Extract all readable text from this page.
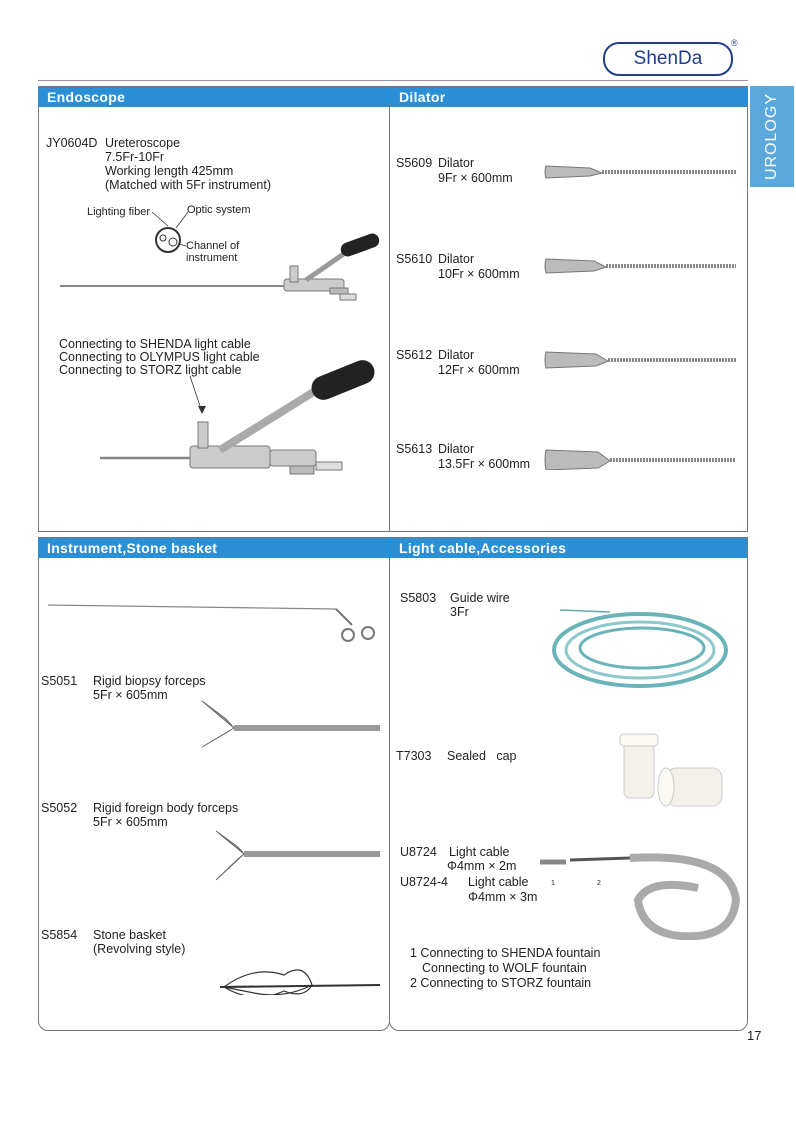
ShenDa
®
UROLOGY
Endoscope	Dilator
Instrument,Stone basket	Light cable,Accessories
JY0604D Ureteroscope
7.5Fr-10Fr
Working length 425mm
(Matched with 5Fr instrument)
Lighting fiber	Optic system
Channel of instrument
Connecting to SHENDA light cable
Connecting to OLYMPUS light cable
Connecting to STORZ light cable
S5609 Dilator
9Fr × 600mm
S5610 Dilator
10Fr × 600mm
S5612 Dilator
12Fr × 600mm
S5613 Dilator
13.5Fr × 600mm
S5051 Rigid biopsy forceps
5Fr × 605mm
S5052 Rigid foreign body forceps
5Fr × 605mm
S5854 Stone basket
(Revolving style)
S5803 Guide wire
3Fr
T7303 Sealed   cap
U8724 Light cable
Φ4mm × 2m
U8724-4 Light cable
Φ4mm × 3m
1	2
1 Connecting to SHENDA fountain
Connecting to WOLF fountain
2 Connecting to STORZ fountain
17
